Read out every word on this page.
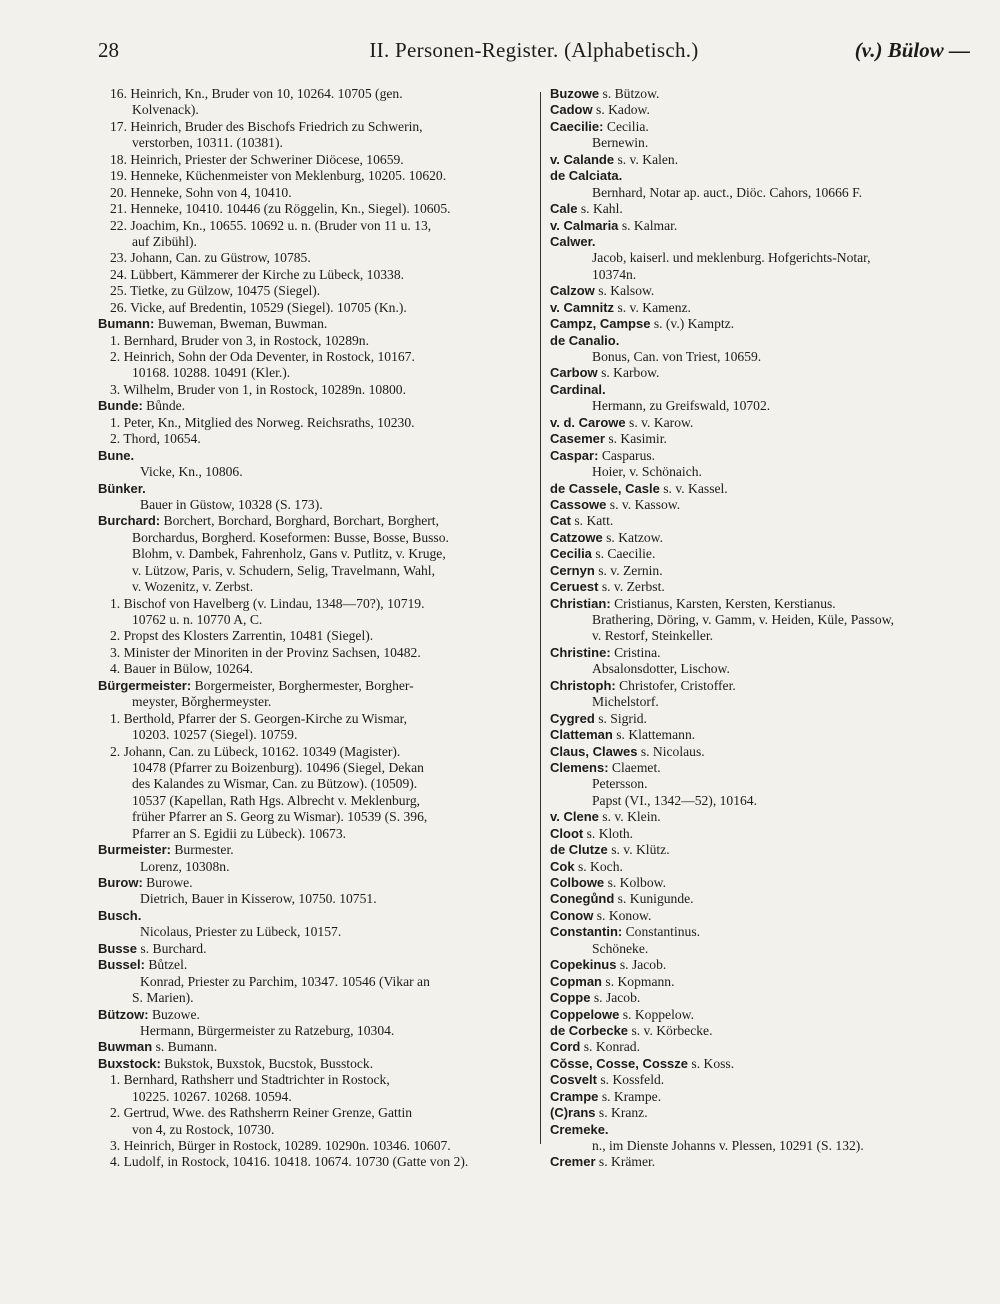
28	II. Personen-Register. (Alphabetisch.)	(v.) Bülow —
16. Heinrich, Kn., Bruder von 10, 10264. 10705 (gen.
Kolvenack).
17. Heinrich, Bruder des Bischofs Friedrich zu Schwerin,
verstorben, 10311. (10381).
18. Heinrich, Priester der Schweriner Diöcese, 10659.
19. Henneke, Küchenmeister von Meklenburg, 10205. 10620.
20. Henneke, Sohn von 4, 10410.
21. Henneke, 10410. 10446 (zu Röggelin, Kn., Siegel). 10605.
22. Joachim, Kn., 10655. 10692 u. n. (Bruder von 11 u. 13,
auf Zibühl).
23. Johann, Can. zu Güstrow, 10785.
24. Lübbert, Kämmerer der Kirche zu Lübeck, 10338.
25. Tietke, zu Gülzow, 10475 (Siegel).
26. Vicke, auf Bredentin, 10529 (Siegel). 10705 (Kn.).
Bumann: Buweman, Bweman, Buwman.
1. Bernhard, Bruder von 3, in Rostock, 10289n.
2. Heinrich, Sohn der Oda Deventer, in Rostock, 10167.
10168. 10288. 10491 (Kler.).
3. Wilhelm, Bruder von 1, in Rostock, 10289n. 10800.
Bunde: Bůnde.
1. Peter, Kn., Mitglied des Norweg. Reichsraths, 10230.
2. Thord, 10654.
Bune.
Vicke, Kn., 10806.
Bünker.
Bauer in Güstow, 10328 (S. 173).
Burchard: Borchert, Borchard, Borghard, Borchart, Borghert,
Borchardus, Borgherd. Koseformen: Busse, Bosse, Busso.
Blohm, v. Dambek, Fahrenholz, Gans v. Putlitz, v. Kruge,
v. Lützow, Paris, v. Schudern, Selig, Travelmann, Wahl,
v. Wozenitz, v. Zerbst.
1. Bischof von Havelberg (v. Lindau, 1348—70?), 10719.
10762 u. n. 10770 A, C.
2. Propst des Klosters Zarrentin, 10481 (Siegel).
3. Minister der Minoriten in der Provinz Sachsen, 10482.
4. Bauer in Bülow, 10264.
Bürgermeister: Borgermeister, Borghermester, Borgher-
meyster, Bǒrghermeyster.
1. Berthold, Pfarrer der S. Georgen-Kirche zu Wismar,
10203. 10257 (Siegel). 10759.
2. Johann, Can. zu Lübeck, 10162. 10349 (Magister).
10478 (Pfarrer zu Boizenburg). 10496 (Siegel, Dekan
des Kalandes zu Wismar, Can. zu Bützow). (10509).
10537 (Kapellan, Rath Hgs. Albrecht v. Meklenburg,
früher Pfarrer an S. Georg zu Wismar). 10539 (S. 396,
Pfarrer an S. Egidii zu Lübeck). 10673.
Burmeister: Burmester.
Lorenz, 10308n.
Burow: Burowe.
Dietrich, Bauer in Kisserow, 10750. 10751.
Busch.
Nicolaus, Priester zu Lübeck, 10157.
Busse s. Burchard.
Bussel: Bůtzel.
Konrad, Priester zu Parchim, 10347. 10546 (Vikar an
S. Marien).
Bützow: Buzowe.
Hermann, Bürgermeister zu Ratzeburg, 10304.
Buwman s. Bumann.
Buxstock: Bukstok, Buxstok, Bucstok, Busstock.
1. Bernhard, Rathsherr und Stadtrichter in Rostock,
10225. 10267. 10268. 10594.
2. Gertrud, Wwe. des Rathsherrn Reiner Grenze, Gattin
von 4, zu Rostock, 10730.
3. Heinrich, Bürger in Rostock, 10289. 10290n. 10346. 10607.
4. Ludolf, in Rostock, 10416. 10418. 10674. 10730 (Gatte von 2).
Buzowe s. Bützow.
Cadow s. Kadow.
Caecilie: Cecilia.
Bernewin.
v. Calande s. v. Kalen.
de Calciata.
Bernhard, Notar ap. auct., Diöc. Cahors, 10666 F.
Cale s. Kahl.
v. Calmaria s. Kalmar.
Calwer.
Jacob, kaiserl. und meklenburg. Hofgerichts-Notar,
10374n.
Calzow s. Kalsow.
v. Camnitz s. v. Kamenz.
Campz, Campse s. (v.) Kamptz.
de Canalio.
Bonus, Can. von Triest, 10659.
Carbow s. Karbow.
Cardinal.
Hermann, zu Greifswald, 10702.
v. d. Carowe s. v. Karow.
Casemer s. Kasimir.
Caspar: Casparus.
Hoier, v. Schönaich.
de Cassele, Casle s. v. Kassel.
Cassowe s. v. Kassow.
Cat s. Katt.
Catzowe s. Katzow.
Cecilia s. Caecilie.
Cernyn s. v. Zernin.
Ceruest s. v. Zerbst.
Christian: Cristianus, Karsten, Kersten, Kerstianus.
Brathering, Döring, v. Gamm, v. Heiden, Küle, Passow,
v. Restorf, Steinkeller.
Christine: Cristina.
Absalonsdotter, Lischow.
Christoph: Christofer, Cristoffer.
Michelstorf.
Cygred s. Sigrid.
Clatteman s. Klattemann.
Claus, Clawes s. Nicolaus.
Clemens: Claemet.
Petersson.
Papst (VI., 1342—52), 10164.
v. Clene s. v. Klein.
Cloot s. Kloth.
de Clutze s. v. Klütz.
Cok s. Koch.
Colbowe s. Kolbow.
Conegůnd s. Kunigunde.
Conow s. Konow.
Constantin: Constantinus.
Schöneke.
Copekinus s. Jacob.
Copman s. Kopmann.
Coppe s. Jacob.
Coppelowe s. Koppelow.
de Corbecke s. v. Körbecke.
Cord s. Konrad.
Cŏsse, Cosse, Cossze s. Koss.
Cosvelt s. Kossfeld.
Crampe s. Krampe.
(C)rans s. Kranz.
Cremeke.
n., im Dienste Johanns v. Plessen, 10291 (S. 132).
Cremer s. Krämer.
